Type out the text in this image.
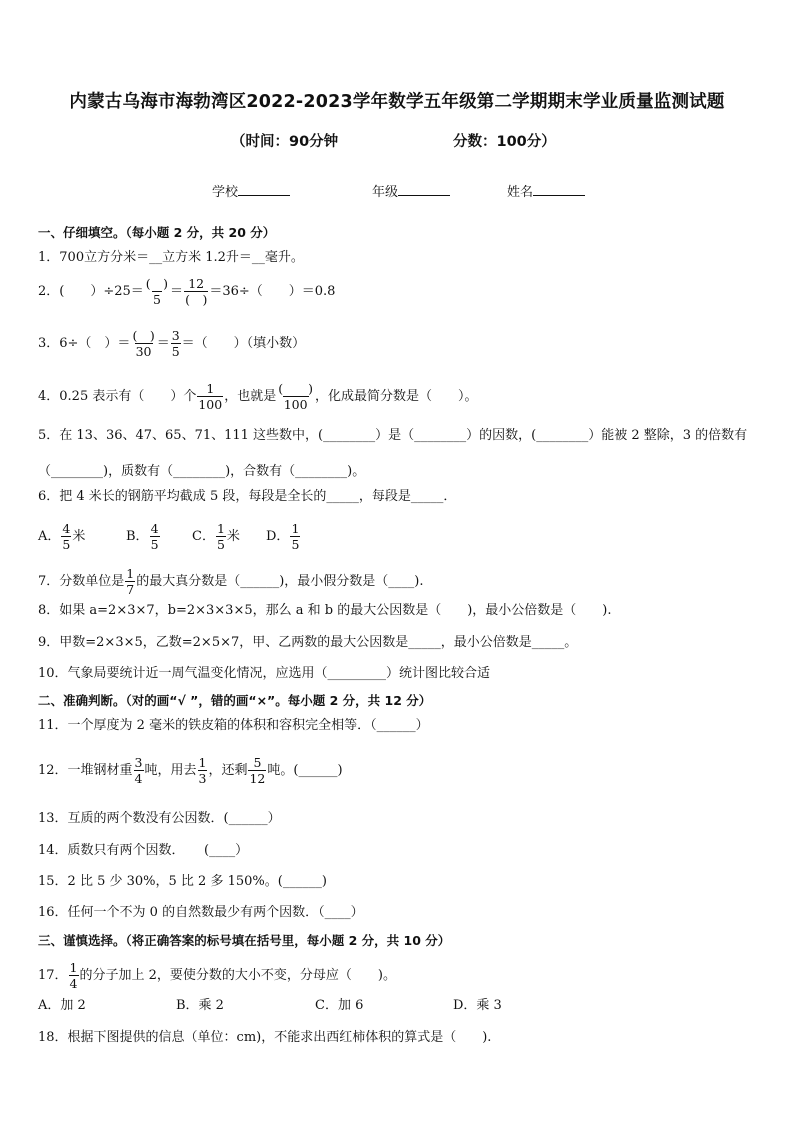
内蒙古乌海市海勃湾区2022-2023学年数学五年级第二学期期末学业质量监测试题
（时间：90分钟	分数：100分）
学校	年级	姓名
一、仔细填空。（每小题 2 分，共 20 分）
1．700立方分米＝__立方米 1.2升＝__毫升。
2．(　　）$\div 25= \frac{( )}{5} = \frac{12}{( )} =36\div$（　　）＝0.8
3．6÷（　）＝ $\frac{( )}{30} = \frac{3}{5}$ ＝（　　）（填小数）
4．0.25 表示有（　　）个 $\frac{1}{100}$ ，也就是 $\frac{( )}{100}$ ，化成最简分数是（　　）。
5．在 13、36、47、65、71、111 这些数中，(________）是（________）的因数，(________）能被 2 整除，3 的倍数有（________)，质数有（________)，合数有（________)。
6．把 4 米长的钢筋平均截成 5 段，每段是全长的_____，每段是_____．
A． $\frac{4}{5}$ 米	B． $\frac{4}{5}$ C． $\frac{1}{5}$ 米 D． $\frac{1}{5}$
7．分数单位是 $\frac{1}{7}$ 的最大真分数是（______)，最小假分数是（____).
8．如果 a=2×3×7，b=2×3×3×5，那么 a 和 b 的最大公因数是（　　)，最小公倍数是（　　).
9．甲数=2×3×5，乙数=2×5×7，甲、乙两数的最大公因数是_____，最小公倍数是_____。
10．气象局要统计近一周气温变化情况，应选用（_________）统计图比较合适
二、准确判断。（对的画“√ ”，错的画“×”。每小题 2 分，共 12 分）
11．一个厚度为 2 毫米的铁皮箱的体积和容积完全相等．（______）
12．一堆钢材重 $\frac{3}{4}$ 吨，用去 $\frac{1}{3}$ ，还剩 $\frac{5}{12}$ 吨。(______)
13．互质的两个数没有公因数．(______）
14．质数只有两个因数．　　(____）
15．2 比 5 少 30%，5 比 2 多 150%。(______)
16．任何一个不为 0 的自然数最少有两个因数．（____）
三、谨慎选择。（将正确答案的标号填在括号里，每小题 2 分，共 10 分）
17． $\frac{1}{4}$ 的分子加上 2，要使分数的大小不变，分母应（　　)。
A．加 2	B．乘 2	C．加 6	D．乘 3
18．根据下图提供的信息（单位：cm)，不能求出西红柿体积的算式是（　　).
